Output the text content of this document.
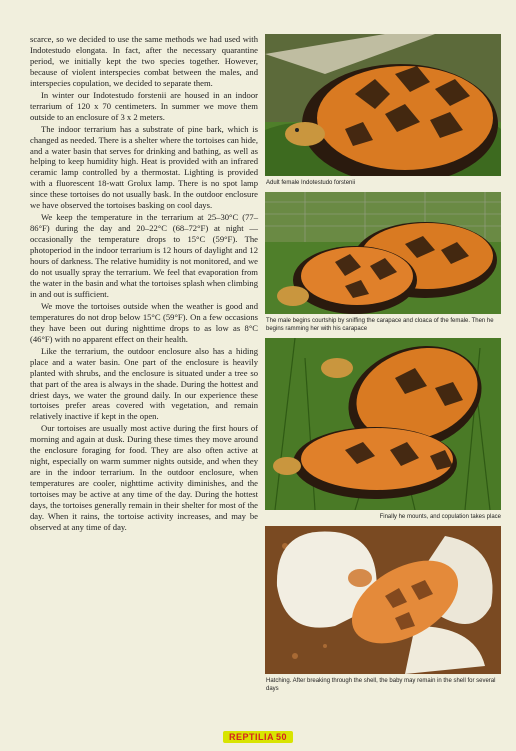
scarce, so we decided to use the same methods we had used with Indotestudo elongata. In fact, after the necessary quarantine period, we initially kept the two species together. However, because of violent interspecies combat between the males, and interspecies copulation, we decided to separate them.

In winter our Indotestudo forstenii are housed in an indoor terrarium of 120 x 70 centimeters. In summer we move them outside to an enclosure of 3 x 2 meters.

The indoor terrarium has a substrate of pine bark, which is changed as needed. There is a shelter where the tortoises can hide, and a water basin that serves for drinking and bathing, as well as helping to keep humidity high. Heat is provided with an infrared ceramic lamp controlled by a thermostat. Lighting is provided with a fluorescent 18-watt Grolux lamp. There is no spot lamp since these tortoises do not usually bask. In the outdoor enclosure we have observed the tortoises basking on cool days.

We keep the temperature in the terrarium at 25–30°C (77–86°F) during the day and 20–22°C (68–72°F) at night — occasionally the temperature drops to 15°C (59°F). The photoperiod in the indoor terrarium is 12 hours of daylight and 12 hours of darkness. The relative humidity is not monitored, and we do not usually spray the terrarium. We feel that evaporation from the water in the basin and what the tortoises splash when climbing in and out is sufficient.

We move the tortoises outside when the weather is good and temperatures do not drop below 15°C (59°F). On a few occasions they have been out during nighttime drops to as low as 8°C (46°F) with no apparent effect on their health.

Like the terrarium, the outdoor enclosure also has a hiding place and a water basin. One part of the enclosure is heavily planted with shrubs, and the enclosure is situated under a tree so that part of the area is always in the shade. During the hottest and driest days, we water the ground daily. In our experience these tortoises prefer areas covered with vegetation, and remain relatively inactive if kept in the open.

Our tortoises are usually most active during the first hours of morning and again at dusk. During these times they move around the enclosure foraging for food. They are also often active at night, especially on warm summer nights outside, and when they are in the indoor terrarium. In the outdoor enclosure, when temperatures are cooler, nighttime activity diminishes, and the tortoises may be active at any time of the day. During the hottest days, the tortoises generally remain in their shelter for most of the day. When it rains, the tortoise activity increases, and may be observed at any time of day.

Adult female Indotestudo forstenii
The male begins courtship by sniffing the carapace and cloaca of the female. Then he begins ramming her with his carapace
Finally he mounts, and copulation takes place
Hatching. After breaking through the shell, the baby may remain in the shell for several days
REPTILIA 50
